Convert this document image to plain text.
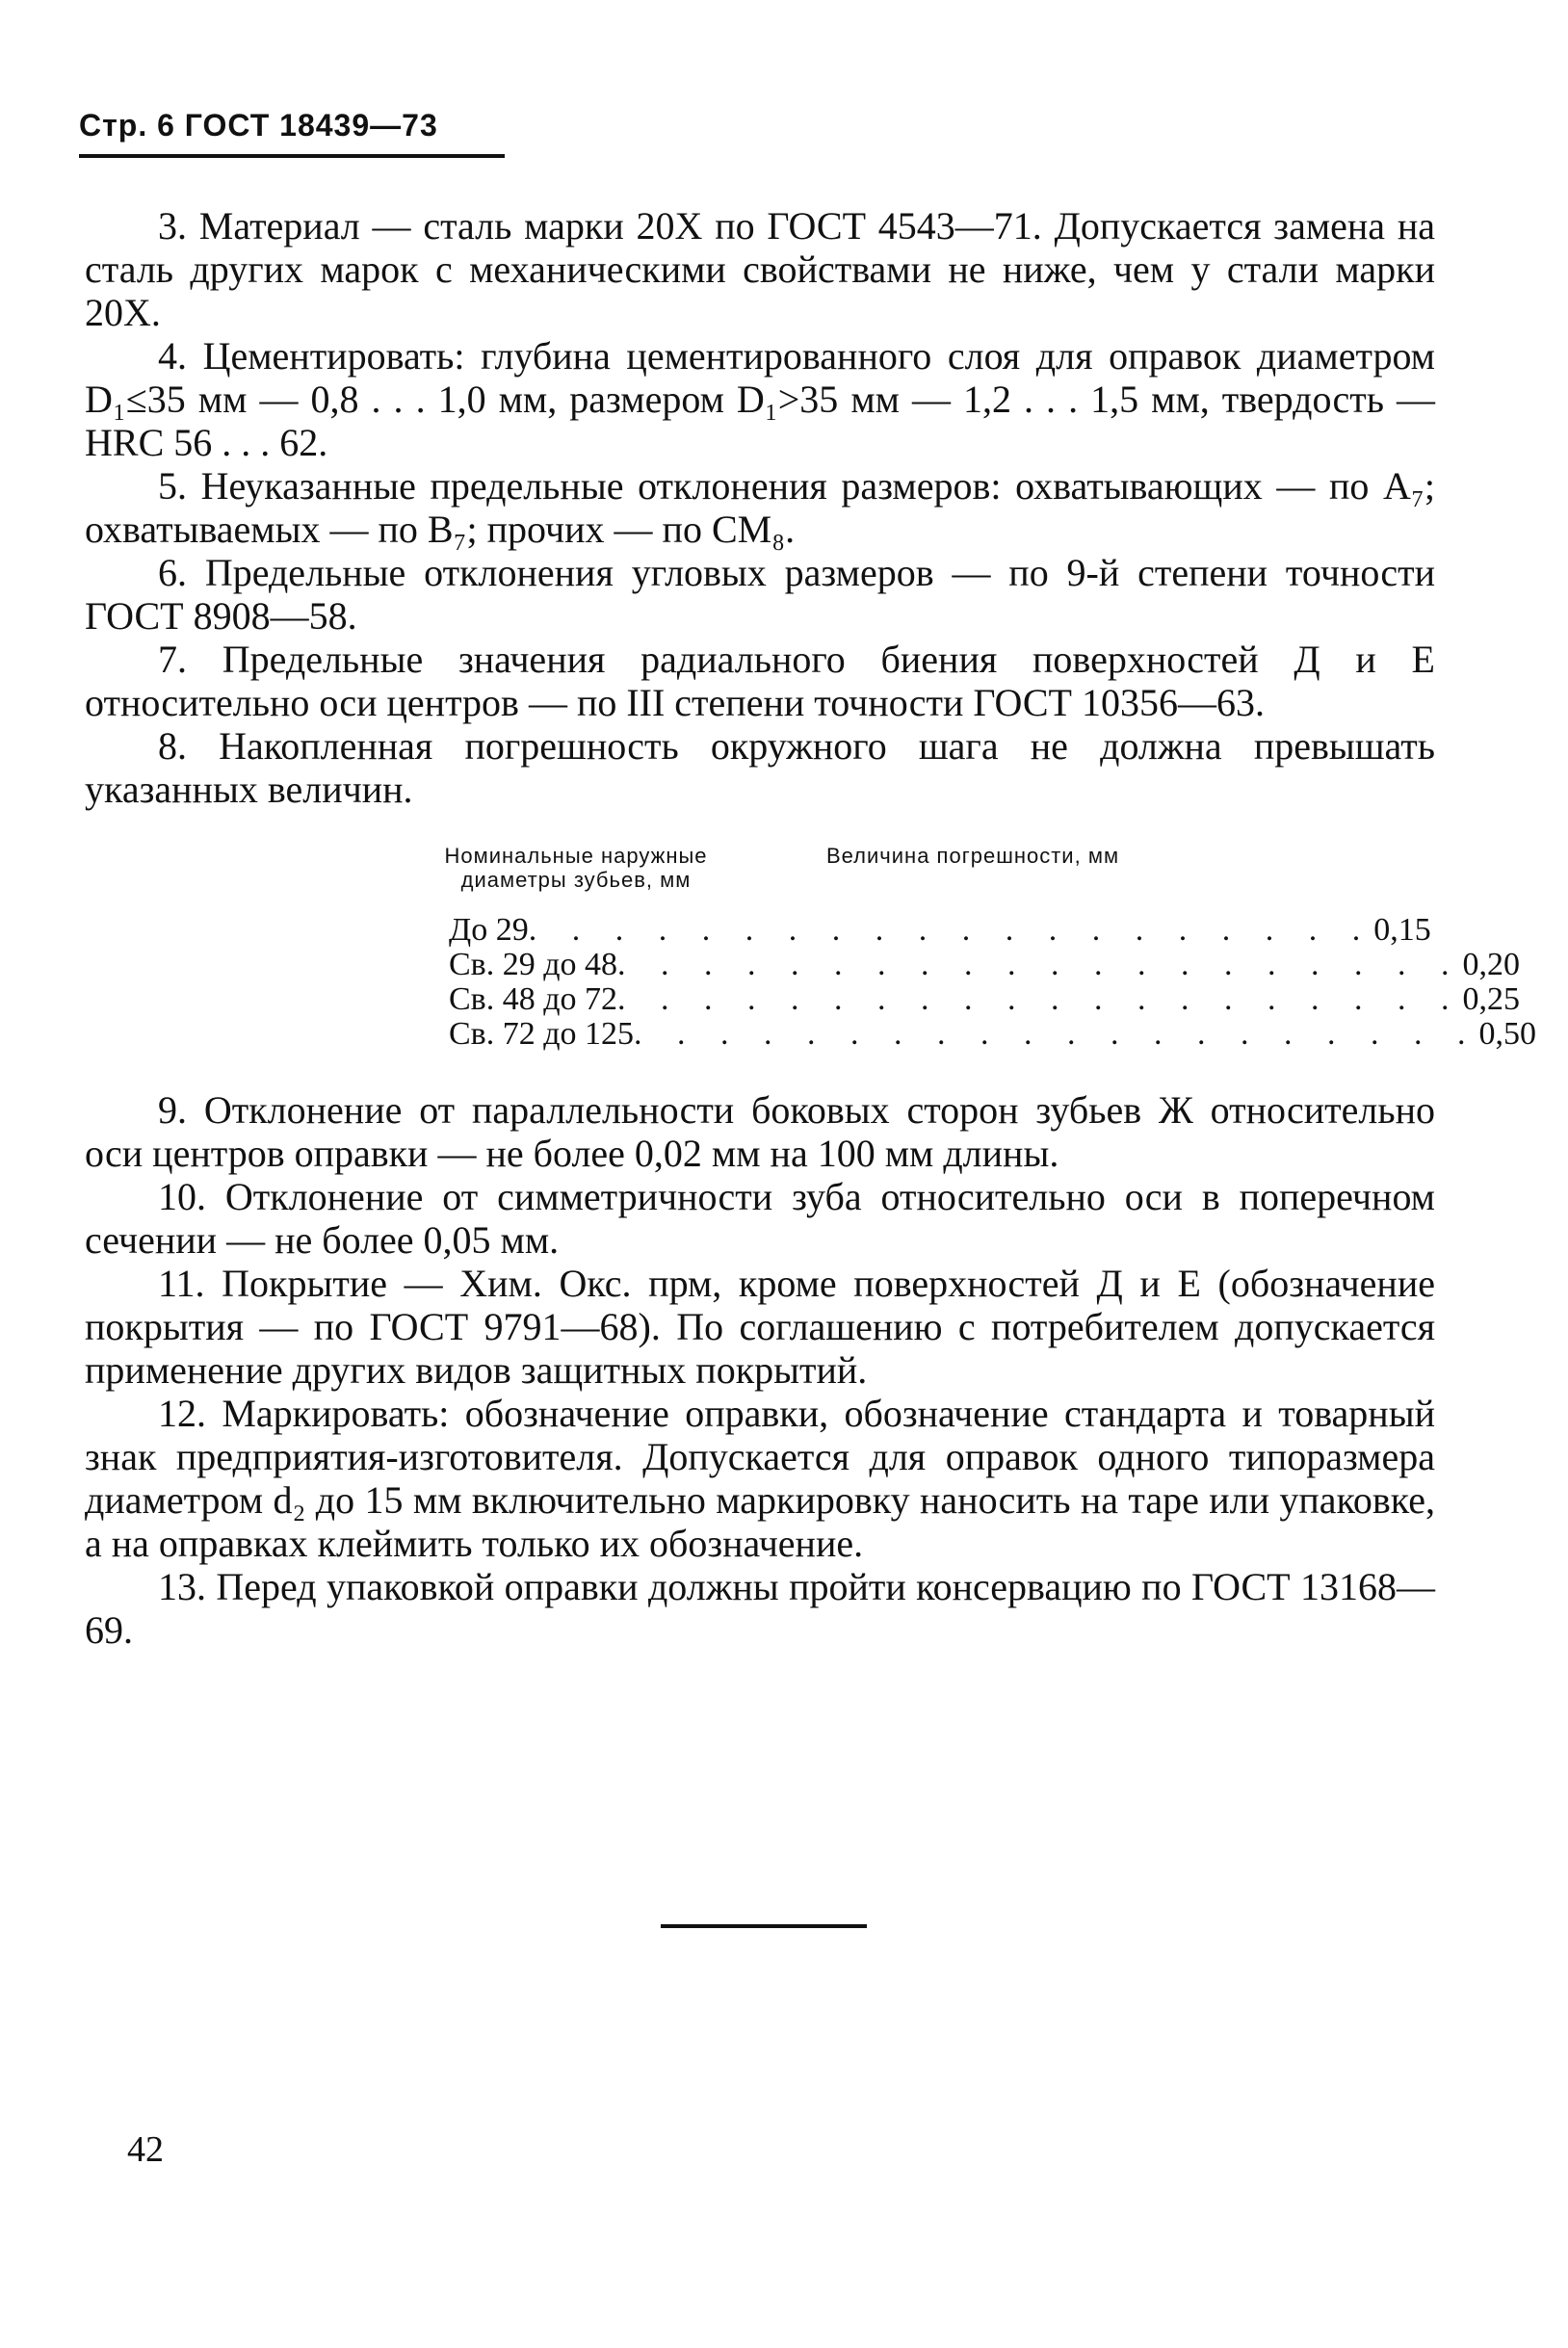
Стр. 6 ГОСТ 18439—73

3. Материал — сталь марки 20Х по ГОСТ 4543—71. Допускается замена на сталь других марок с механическими свойствами не ниже, чем у стали марки 20Х.

4. Цементировать: глубина цементированного слоя для оправок диаметром D₁≤35 мм — 0,8 . . . 1,0 мм, размером D₁>35 мм — 1,2 . . . 1,5 мм, твердость — HRC 56 . . . 62.

5. Неуказанные предельные отклонения размеров: охватывающих — по A₇; охватываемых — по B₇; прочих — по CM₈.

6. Предельные отклонения угловых размеров — по 9-й степени точности ГОСТ 8908—58.

7. Предельные значения радиального биения поверхностей Д и Е относительно оси центров — по III степени точности ГОСТ 10356—63.

8. Накопленная погрешность окружного шага не должна превышать указанных величин.

Номинальные наружные
диаметры зубьев, мм
Величина погрешности, мм
До 29 . . . . . . . . . . . . . . . . . . . . 0,15
Св. 29 до 48 . . . . . . . . . . . . . . . . . . . . 0,20
Св. 48 до 72 . . . . . . . . . . . . . . . . . . . . 0,25
Св. 72 до 125 . . . . . . . . . . . . . . . . . . . . 0,50

9. Отклонение от параллельности боковых сторон зубьев Ж относительно оси центров оправки — не более 0,02 мм на 100 мм длины.

10. Отклонение от симметричности зуба относительно оси в поперечном сечении — не более 0,05 мм.

11. Покрытие — Хим. Окс. прм, кроме поверхностей Д и Е (обозначение покрытия — по ГОСТ 9791—68). По соглашению с потребителем допускается применение других видов защитных покрытий.

12. Маркировать: обозначение оправки, обозначение стандарта и товарный знак предприятия-изготовителя. Допускается для оправок одного типоразмера диаметром d₂ до 15 мм включительно маркировку наносить на таре или упаковке, а на оправках клеймить только их обозначение.

13. Перед упаковкой оправки должны пройти консервацию по ГОСТ 13168—69.

42
